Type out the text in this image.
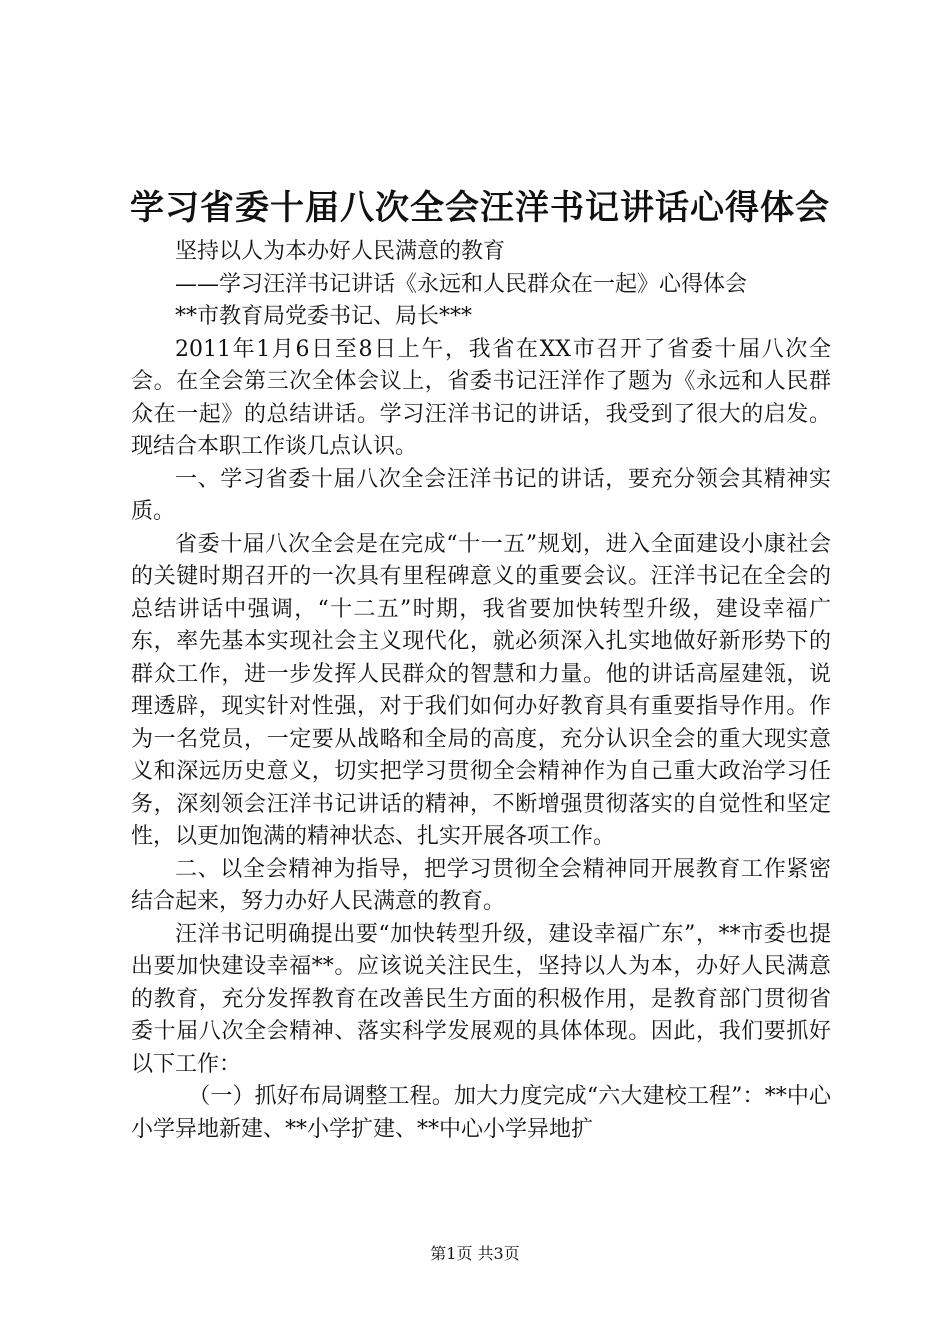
学习省委十届八次全会汪洋书记讲话心得体会

坚持以人为本办好人民满意的教育

——学习汪洋书记讲话《永远和人民群众在一起》心得体会

**市教育局党委书记、局长***

2011年1月6日至8日上午，我省在XX市召开了省委十届八次全会。在全会第三次全体会议上，省委书记汪洋作了题为《永远和人民群众在一起》的总结讲话。学习汪洋书记的讲话，我受到了很大的启发。现结合本职工作谈几点认识。

一、学习省委十届八次全会汪洋书记的讲话，要充分领会其精神实质。

省委十届八次全会是在完成“十一五”规划，进入全面建设小康社会的关键时期召开的一次具有里程碑意义的重要会议。汪洋书记在全会的总结讲话中强调，“十二五”时期，我省要加快转型升级，建设幸福广东，率先基本实现社会主义现代化，就必须深入扎实地做好新形势下的群众工作，进一步发挥人民群众的智慧和力量。他的讲话高屋建瓴，说理透辟，现实针对性强，对于我们如何办好教育具有重要指导作用。作为一名党员，一定要从战略和全局的高度，充分认识全会的重大现实意义和深远历史意义，切实把学习贯彻全会精神作为自己重大政治学习任务，深刻领会汪洋书记讲话的精神，不断增强贯彻落实的自觉性和坚定性，以更加饱满的精神状态、扎实开展各项工作。

二、以全会精神为指导，把学习贯彻全会精神同开展教育工作紧密结合起来，努力办好人民满意的教育。

汪洋书记明确提出要“加快转型升级，建设幸福广东”，**市委也提出要加快建设幸福**。应该说关注民生，坚持以人为本，办好人民满意的教育，充分发挥教育在改善民生方面的积极作用，是教育部门贯彻省委十届八次全会精神、落实科学发展观的具体体现。因此，我们要抓好以下工作：

（一）抓好布局调整工程。加大力度完成“六大建校工程”：**中心小学异地新建、**小学扩建、**中心小学异地扩

第1页 共3页
